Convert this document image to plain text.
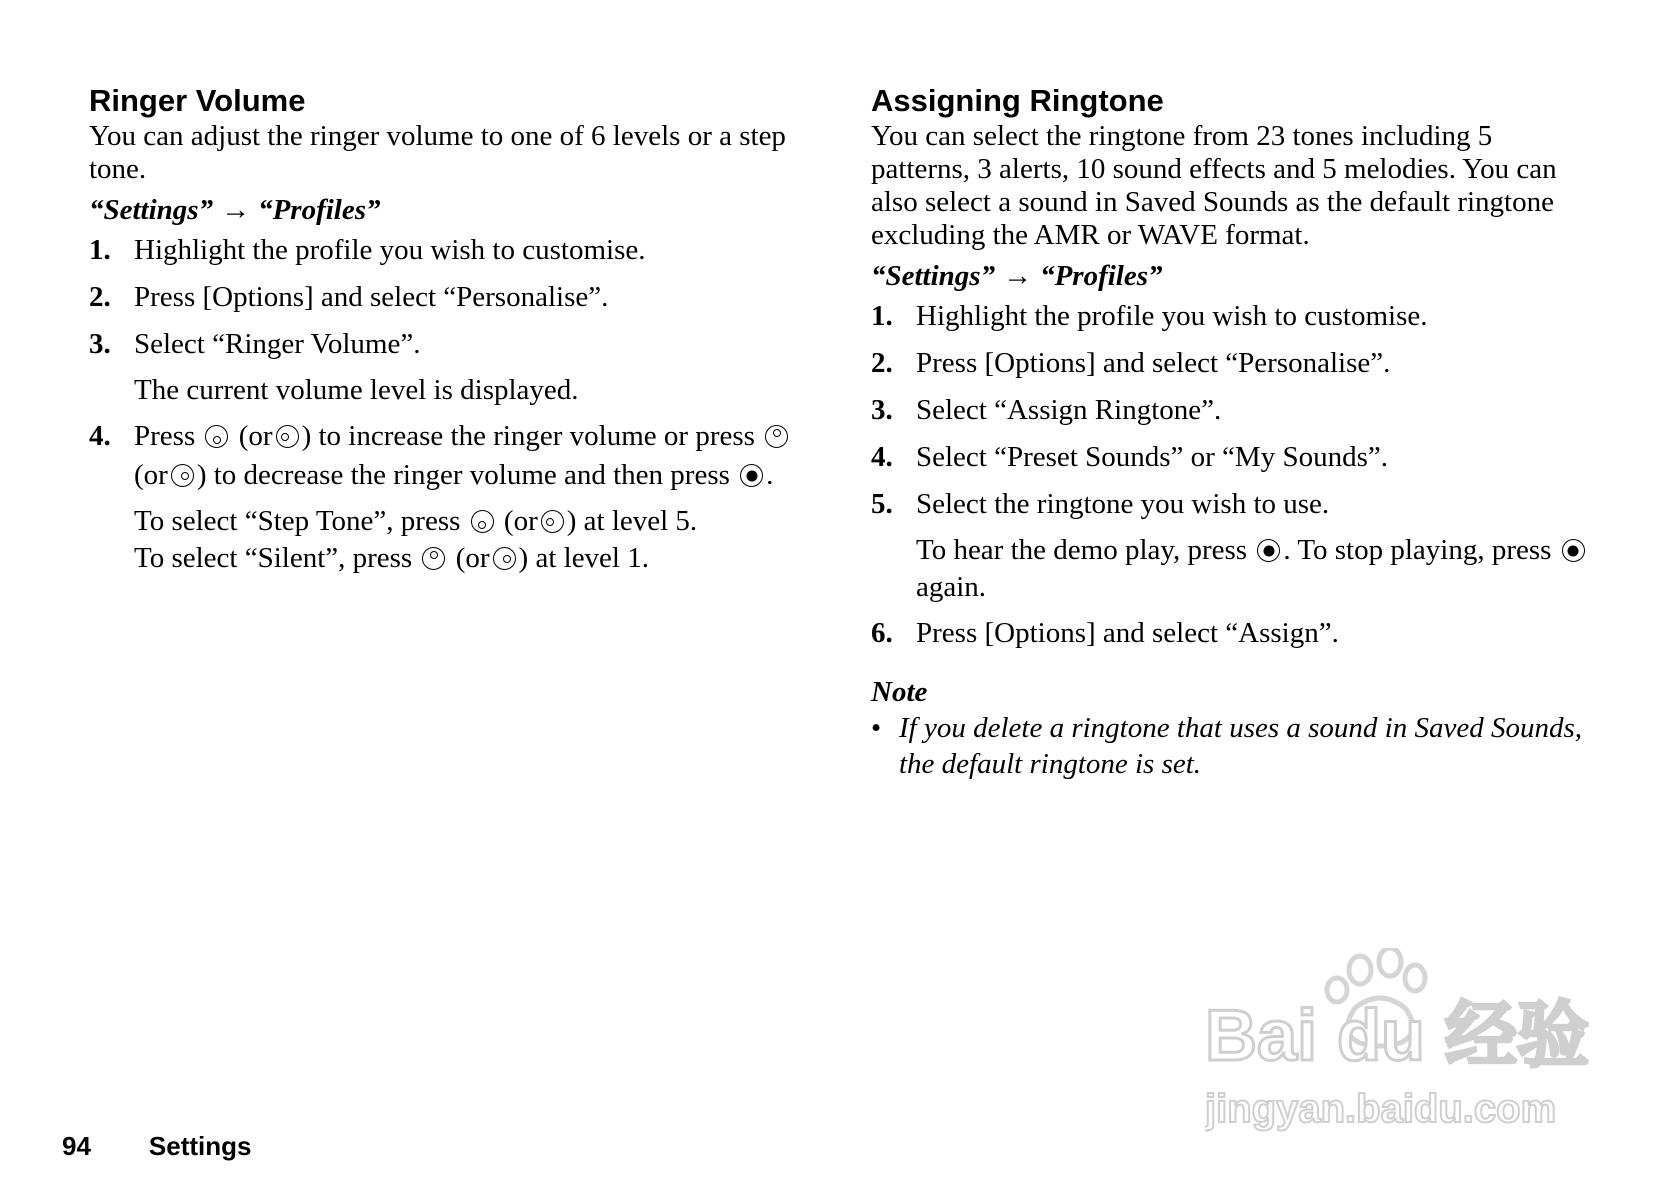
Ringer Volume

You can adjust the ringer volume to one of 6 levels or a step tone.

“Settings” → “Profiles”
1. Highlight the profile you wish to customise.
2. Press [Options] and select “Personalise”.
3. Select “Ringer Volume”.

The current volume level is displayed.

4. Press (or ) to increase the ringer volume or press  (or ) to decrease the ringer volume and then press .
To select “Step Tone”, press (or ) at level 5.
To select “Silent”, press (or ) at level 1.
Assigning Ringtone

You can select the ringtone from 23 tones including 5 patterns, 3 alerts, 10 sound effects and 5 melodies. You can also select a sound in Saved Sounds as the default ringtone excluding the AMR or WAVE format.

“Settings” → “Profiles”
1. Highlight the profile you wish to customise.
2. Press [Options] and select “Personalise”.
3. Select “Assign Ringtone”.
4. Select “Preset Sounds” or “My Sounds”.
5. Select the ringtone you wish to use.
To hear the demo play, press . To stop playing, press  again.
6. Press [Options] and select “Assign”.
Note
• If you delete a ringtone that uses a sound in Saved Sounds, the default ringtone is set.
94 Settings
Bai du 经验
jingyan.baidu.com
